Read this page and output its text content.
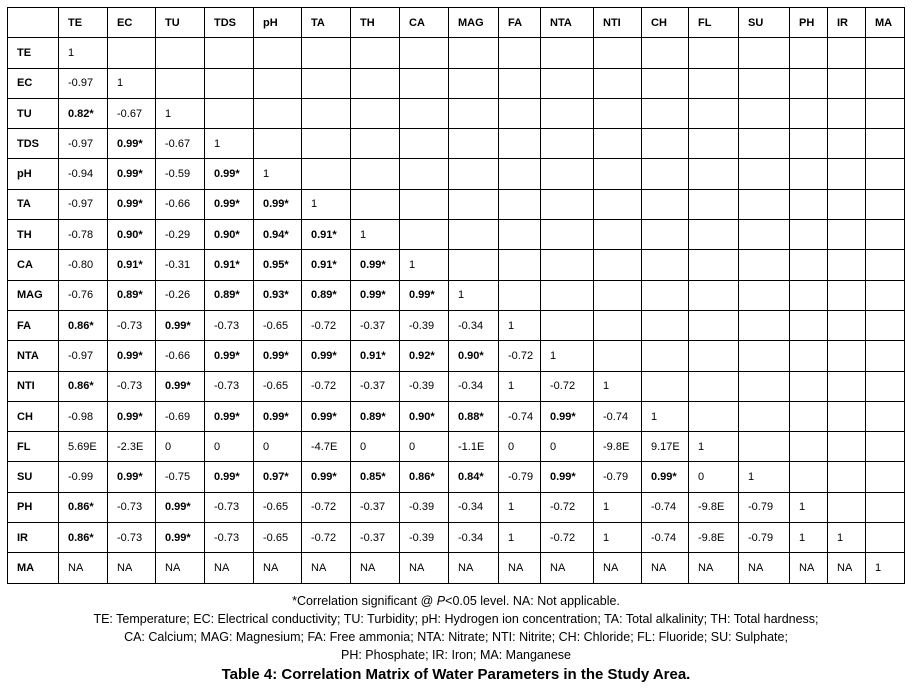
	TE	EC	TU	TDS	pH	TA	TH	CA	MAG	FA	NTA	NTI	CH	FL	SU	PH	IR	MA
TE	1																	
EC	-0.97	1																
TU	0.82*	-0.67	1															
TDS	-0.97	0.99*	-0.67	1														
pH	-0.94	0.99*	-0.59	0.99*	1													
TA	-0.97	0.99*	-0.66	0.99*	0.99*	1												
TH	-0.78	0.90*	-0.29	0.90*	0.94*	0.91*	1											
CA	-0.80	0.91*	-0.31	0.91*	0.95*	0.91*	0.99*	1										
MAG	-0.76	0.89*	-0.26	0.89*	0.93*	0.89*	0.99*	0.99*	1									
FA	0.86*	-0.73	0.99*	-0.73	-0.65	-0.72	-0.37	-0.39	-0.34	1								
NTA	-0.97	0.99*	-0.66	0.99*	0.99*	0.99*	0.91*	0.92*	0.90*	-0.72	1							
NTI	0.86*	-0.73	0.99*	-0.73	-0.65	-0.72	-0.37	-0.39	-0.34	1	-0.72	1						
CH	-0.98	0.99*	-0.69	0.99*	0.99*	0.99*	0.89*	0.90*	0.88*	-0.74	0.99*	-0.74	1					
FL	5.69E	-2.3E	0	0	0	-4.7E	0	0	-1.1E	0	0	-9.8E	9.17E	1				
SU	-0.99	0.99*	-0.75	0.99*	0.97*	0.99*	0.85*	0.86*	0.84*	-0.79	0.99*	-0.79	0.99*	0	1			
PH	0.86*	-0.73	0.99*	-0.73	-0.65	-0.72	-0.37	-0.39	-0.34	1	-0.72	1	-0.74	-9.8E	-0.79	1		
IR	0.86*	-0.73	0.99*	-0.73	-0.65	-0.72	-0.37	-0.39	-0.34	1	-0.72	1	-0.74	-9.8E	-0.79	1	1	
MA	NA	NA	NA	NA	NA	NA	NA	NA	NA	NA	NA	NA	NA	NA	NA	NA	NA	1
*Correlation significant @ P<0.05 level. NA: Not applicable.
TE: Temperature; EC: Electrical conductivity; TU: Turbidity; pH: Hydrogen ion concentration; TA: Total alkalinity; TH: Total hardness;
CA: Calcium; MAG: Magnesium; FA: Free ammonia; NTA: Nitrate; NTI: Nitrite; CH: Chloride; FL: Fluoride; SU: Sulphate;
PH: Phosphate; IR: Iron; MA: Manganese
Table 4: Correlation Matrix of Water Parameters in the Study Area.
